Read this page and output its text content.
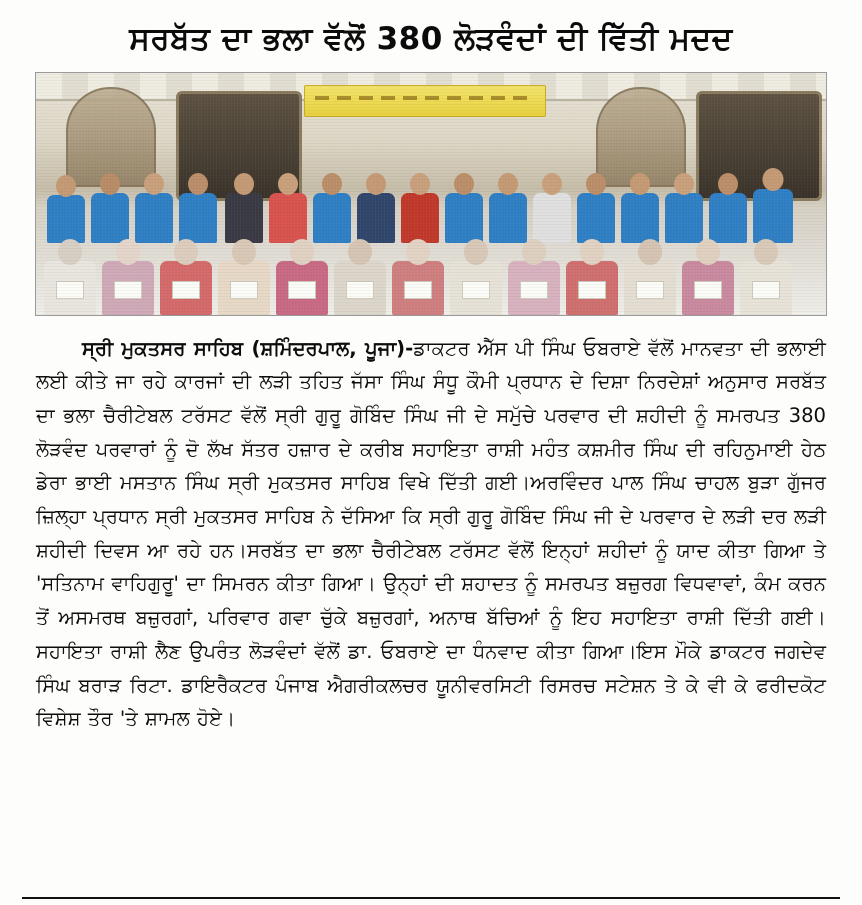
ਸਰਬੱਤ ਦਾ ਭਲਾ ਵੱਲੋਂ 380 ਲੋੜਵੰਦਾਂ ਦੀ ਵਿੱਤੀ ਮਦਦ
ਸ੍ਰੀ ਮੁਕਤਸਰ ਸਾਹਿਬ (ਸ਼ਮਿੰਦਰਪਾਲ, ਪੂਜਾ)-ਡਾਕਟਰ ਐੱਸ ਪੀ ਸਿੰਘ ਓਬਰਾਏ ਵੱਲੋਂ ਮਾਨਵਤਾ ਦੀ ਭਲਾਈ ਲਈ ਕੀਤੇ ਜਾ ਰਹੇ ਕਾਰਜਾਂ ਦੀ ਲੜੀ ਤਹਿਤ ਜੱਸਾ ਸਿੰਘ ਸੰਧੂ ਕੌਮੀ ਪ੍ਰਧਾਨ ਦੇ ਦਿਸ਼ਾ ਨਿਰਦੇਸ਼ਾਂ ਅਨੁਸਾਰ ਸਰਬੱਤ ਦਾ ਭਲਾ ਚੈਰੀਟੇਬਲ ਟਰੱਸਟ ਵੱਲੋਂ ਸ੍ਰੀ ਗੁਰੂ ਗੋਬਿੰਦ ਸਿੰਘ ਜੀ ਦੇ ਸਮੁੱਚੇ ਪਰਵਾਰ ਦੀ ਸ਼ਹੀਦੀ ਨੂੰ ਸਮਰਪਤ 380 ਲੋੜਵੰਦ ਪਰਵਾਰਾਂ ਨੂੰ ਦੋ ਲੱਖ ਸੱਤਰ ਹਜ਼ਾਰ ਦੇ ਕਰੀਬ ਸਹਾਇਤਾ ਰਾਸ਼ੀ ਮਹੰਤ ਕਸ਼ਮੀਰ ਸਿੰਘ ਦੀ ਰਹਿਨੁਮਾਈ ਹੇਠ ਡੇਰਾ ਭਾਈ ਮਸਤਾਨ ਸਿੰਘ ਸ੍ਰੀ ਮੁਕਤਸਰ ਸਾਹਿਬ ਵਿਖੇ ਦਿੱਤੀ ਗਈ।ਅਰਵਿੰਦਰ ਪਾਲ ਸਿੰਘ ਚਾਹਲ ਬੁੜਾ ਗੁੱਜਰ ਜ਼ਿਲ੍ਹਾ ਪ੍ਰਧਾਨ ਸ੍ਰੀ ਮੁਕਤਸਰ ਸਾਹਿਬ ਨੇ ਦੱਸਿਆ ਕਿ ਸ੍ਰੀ ਗੁਰੂ ਗੋਬਿੰਦ ਸਿੰਘ ਜੀ ਦੇ ਪਰਵਾਰ ਦੇ ਲੜੀ ਦਰ ਲੜੀ ਸ਼ਹੀਦੀ ਦਿਵਸ ਆ ਰਹੇ ਹਨ।ਸਰਬੱਤ ਦਾ ਭਲਾ ਚੈਰੀਟੇਬਲ ਟਰੱਸਟ ਵੱਲੋਂ ਇਨ੍ਹਾਂ ਸ਼ਹੀਦਾਂ ਨੂੰ ਯਾਦ ਕੀਤਾ ਗਿਆ ਤੇ 'ਸਤਿਨਾਮ ਵਾਹਿਗੁਰੂ' ਦਾ ਸਿਮਰਨ ਕੀਤਾ ਗਿਆ। ਉਨ੍ਹਾਂ ਦੀ ਸ਼ਹਾਦਤ ਨੂੰ ਸਮਰਪਤ ਬਜ਼ੁਰਗ ਵਿਧਵਾਵਾਂ, ਕੰਮ ਕਰਨ ਤੋਂ ਅਸਮਰਥ ਬਜ਼ੁਰਗਾਂ, ਪਰਿਵਾਰ ਗਵਾ ਚੁੱਕੇ ਬਜ਼ੁਰਗਾਂ, ਅਨਾਥ ਬੱਚਿਆਂ ਨੂੰ ਇਹ ਸਹਾਇਤਾ ਰਾਸ਼ੀ ਦਿੱਤੀ ਗਈ।ਸਹਾਇਤਾ ਰਾਸ਼ੀ ਲੈਣ ਉਪਰੰਤ ਲੋੜਵੰਦਾਂ ਵੱਲੋਂ ਡਾ. ਓਬਰਾਏ ਦਾ ਧੰਨਵਾਦ ਕੀਤਾ ਗਿਆ।ਇਸ ਮੌਕੇ ਡਾਕਟਰ ਜਗਦੇਵ ਸਿੰਘ ਬਰਾੜ ਰਿਟਾ. ਡਾਇਰੈਕਟਰ ਪੰਜਾਬ ਐਗਰੀਕਲਚਰ ਯੂਨੀਵਰਸਿਟੀ ਰਿਸਰਚ ਸਟੇਸ਼ਨ ਤੇ ਕੇ ਵੀ ਕੇ ਫਰੀਦਕੋਟ ਵਿਸ਼ੇਸ਼ ਤੌਰ 'ਤੇ ਸ਼ਾਮਲ ਹੋਏ।
